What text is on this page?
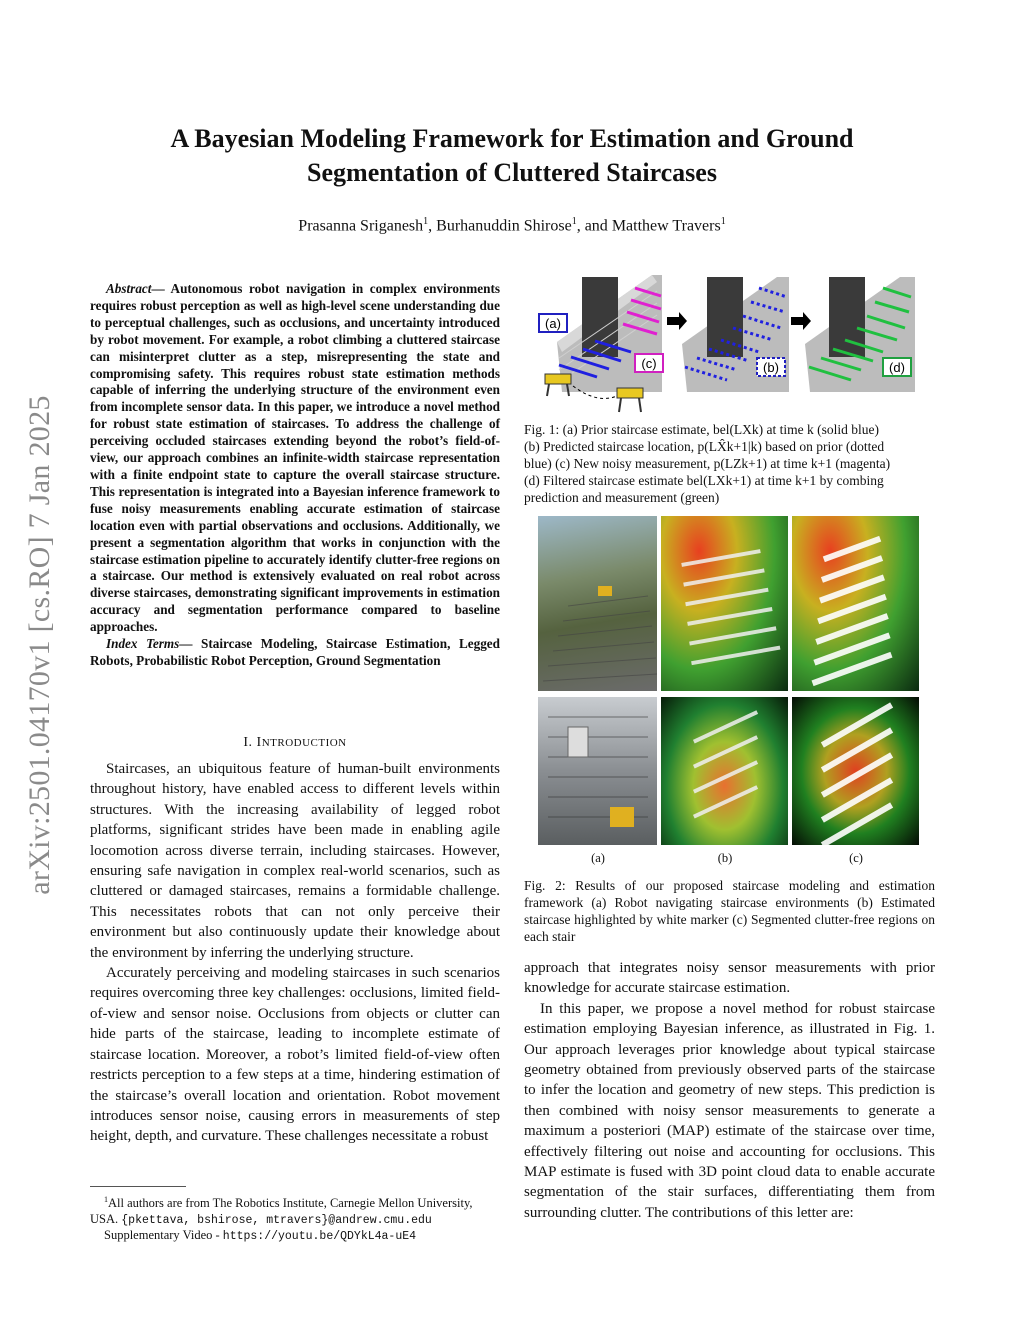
arXiv:2501.04170v1 [cs.RO] 7 Jan 2025
A Bayesian Modeling Framework for Estimation and Ground
Segmentation of Cluttered Staircases
Prasanna Sriganesh$^1$, Burhanuddin Shirose$^1$, and Matthew Travers$^1$
Abstract— Autonomous robot navigation in complex environments requires robust perception as well as high-level scene understanding due to perceptual challenges, such as occlusions, and uncertainty introduced by robot movement. For example, a robot climbing a cluttered staircase can misinterpret clutter as a step, misrepresenting the state and compromising safety. This requires robust state estimation methods capable of inferring the underlying structure of the environment even from incomplete sensor data. In this paper, we introduce a novel method for robust state estimation of staircases. To address the challenge of perceiving occluded staircases extending beyond the robot’s field-of-view, our approach combines an infinite-width staircase representation with a finite endpoint state to capture the overall staircase structure. This representation is integrated into a Bayesian inference framework to fuse noisy measurements enabling accurate estimation of staircase location even with partial observations and occlusions. Additionally, we present a segmentation algorithm that works in conjunction with the staircase estimation pipeline to accurately identify clutter-free regions on a staircase. Our method is extensively evaluated on real robot across diverse staircases, demonstrating significant improvements in estimation accuracy and segmentation performance compared to baseline approaches.
Index Terms— Staircase Modeling, Staircase Estimation, Legged Robots, Probabilistic Robot Perception, Ground Segmentation
I. INTRODUCTION

Staircases, an ubiquitous feature of human-built environments throughout history, have enabled access to different levels within structures. With the increasing availability of legged robot platforms, significant strides have been made in enabling agile locomotion across diverse terrain, including staircases. However, ensuring safe navigation in complex real-world scenarios, such as cluttered or damaged staircases, remains a formidable challenge. This necessitates robots that can not only perceive their environment but also continuously update their knowledge about the environment by inferring the underlying structure.

Accurately perceiving and modeling staircases in such scenarios requires overcoming three key challenges: occlusions, limited field-of-view and sensor noise. Occlusions from objects or clutter can hide parts of the staircase, leading to incomplete estimate of staircase location. Moreover, a robot’s limited field-of-view often restricts perception to a few steps at a time, hindering estimation of the staircase’s overall location and orientation. Robot movement introduces sensor noise, causing errors in measurements of step height, depth, and curvature. These challenges necessitate a robust

$^1$All authors are from The Robotics Institute, Carnegie Mellon University,
USA. {pkettava, bshirose, mtravers}@andrew.cmu.edu
Supplementary Video - https://youtu.be/QDYkL4a-uE4
(a)
(c)	(b)	(d)
Fig. 1: (a) Prior staircase estimate, bel(LXk) at time k (solid blue)
(b) Predicted staircase location, p(LX̂k+1|k) based on prior (dotted
blue) (c) New noisy measurement, p(LZk+1) at time k+1 (magenta)
(d) Filtered staircase estimate bel(LXk+1) at time k+1 by combing
prediction and measurement (green)
(a)	(b)	(c)
Fig. 2: Results of our proposed staircase modeling and estimation framework (a) Robot navigating staircase environments (b) Estimated staircase highlighted by white marker (c) Segmented clutter-free regions on each stair

approach that integrates noisy sensor measurements with prior knowledge for accurate staircase estimation.

In this paper, we propose a novel method for robust staircase estimation employing Bayesian inference, as illustrated in Fig. 1. Our approach leverages prior knowledge about typical staircase geometry obtained from previously observed parts of the staircase to infer the location and geometry of new steps. This prediction is then combined with noisy sensor measurements to generate a maximum a posteriori (MAP) estimate of the staircase over time, effectively filtering out noise and accounting for occlusions. This MAP estimate is fused with 3D point cloud data to enable accurate segmentation of the stair surfaces, differentiating them from surrounding clutter. The contributions of this letter are:
